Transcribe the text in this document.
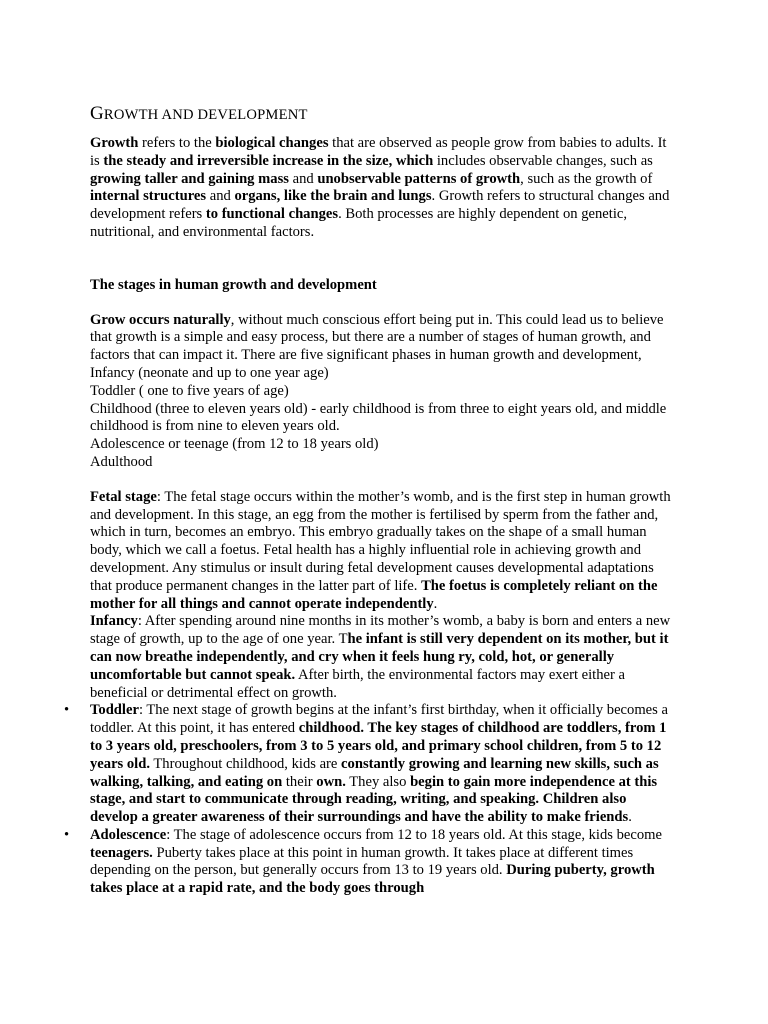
GROWTH AND DEVELOPMENT

Growth refers to the biological changes that are observed as people grow from babies to adults. It is the steady and irreversible increase in the size, which includes observable changes, such as growing taller and gaining mass and unobservable patterns of growth, such as the growth of internal structures and organs, like the brain and lungs. Growth refers to structural changes and development refers to functional changes. Both processes are highly dependent on genetic, nutritional, and environmental factors.

The stages in human growth and development

Grow occurs naturally, without much conscious effort being put in. This could lead us to believe that growth is a simple and easy process, but there are a number of stages of human growth, and factors that can impact it. There are five significant phases in human growth and development,

Infancy (neonate and up to one year age)

Toddler ( one to five years of age)

Childhood (three to eleven years old) - early childhood is from three to eight years old, and middle childhood is from nine to eleven years old.

Adolescence or teenage (from 12 to 18 years old)

Adulthood

Fetal stage: The fetal stage occurs within the mother’s womb, and is the first step in human growth and development. In this stage, an egg from the mother is fertilised by sperm from the father and, which in turn, becomes an embryo. This embryo gradually takes on the shape of a small human body, which we call a foetus. Fetal health has a highly influential role in achieving growth and development. Any stimulus or insult during fetal development causes developmental adaptations that produce permanent changes in the latter part of life. The foetus is completely reliant on the mother for all things and cannot operate independently.

Infancy: After spending around nine months in its mother’s womb, a baby is born and enters a new stage of growth, up to the age of one year. The infant is still very dependent on its mother, but it can now breathe independently, and cry when it feels hung ry, cold, hot, or generally uncomfortable but cannot speak. After birth, the environmental factors may exert either a beneficial or detrimental effect on growth.

• Toddler: The next stage of growth begins at the infant’s first birthday, when it officially becomes a toddler. At this point, it has entered childhood. The key stages of childhood are toddlers, from 1 to 3 years old, preschoolers, from 3 to 5 years old, and primary school children, from 5 to 12 years old. Throughout childhood, kids are constantly growing and learning new skills, such as walking, talking, and eating on their own. They also begin to gain more independence at this stage, and start to communicate through reading, writing, and speaking. Children also develop a greater awareness of their surroundings and have the ability to make friends.
• Adolescence: The stage of adolescence occurs from 12 to 18 years old. At this stage, kids become teenagers. Puberty takes place at this point in human growth. It takes place at different times depending on the person, but generally occurs from 13 to 19 years old. During puberty, growth takes place at a rapid rate, and the body goes through
